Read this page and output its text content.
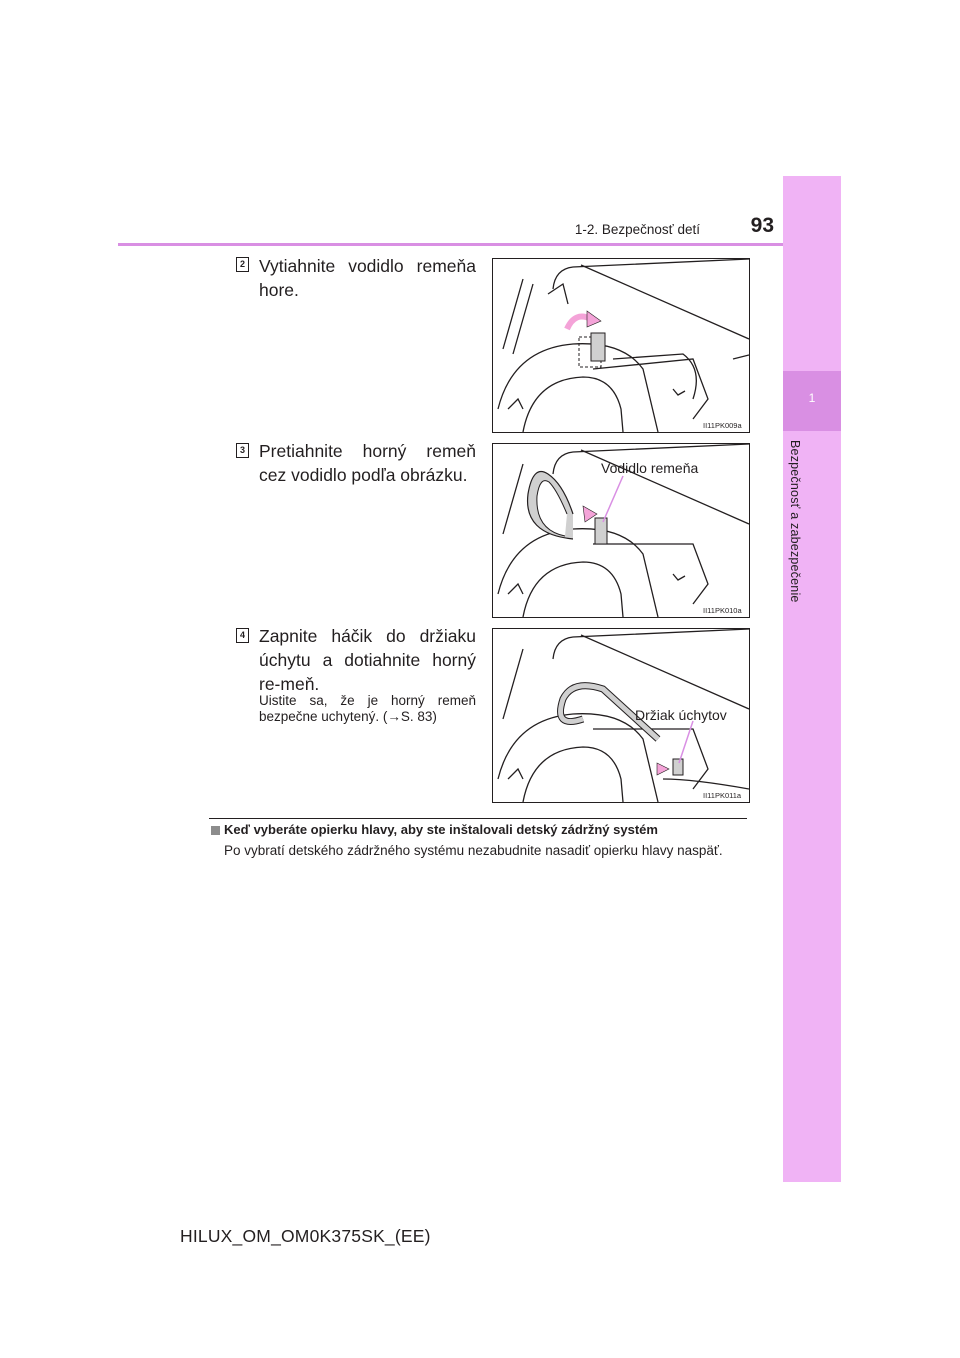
1
Bezpečnosť a zabezpečenie
1-2. Bezpečnosť detí	93
2 Vytiahnite vodidlo remeňa hore.
II11PK009a
3 Pretiahnite horný remeň cez vodidlo podľa obrázku.	Vodidlo remeňa
II11PK010a
4 Zapnite háčik do držiaku úchytu a dotiahnite horný re-meň.
Uistite sa, že je horný remeň bezpečne uchytený. (→S. 83)	Držiak úchytov
II11PK011a
Keď vyberáte opierku hlavy, aby ste inštalovali detský zádržný systém
Po vybratí detského zádržného systému nezabudnite nasadiť opierku hlavy naspäť.
HILUX_OM_OM0K375SK_(EE)
